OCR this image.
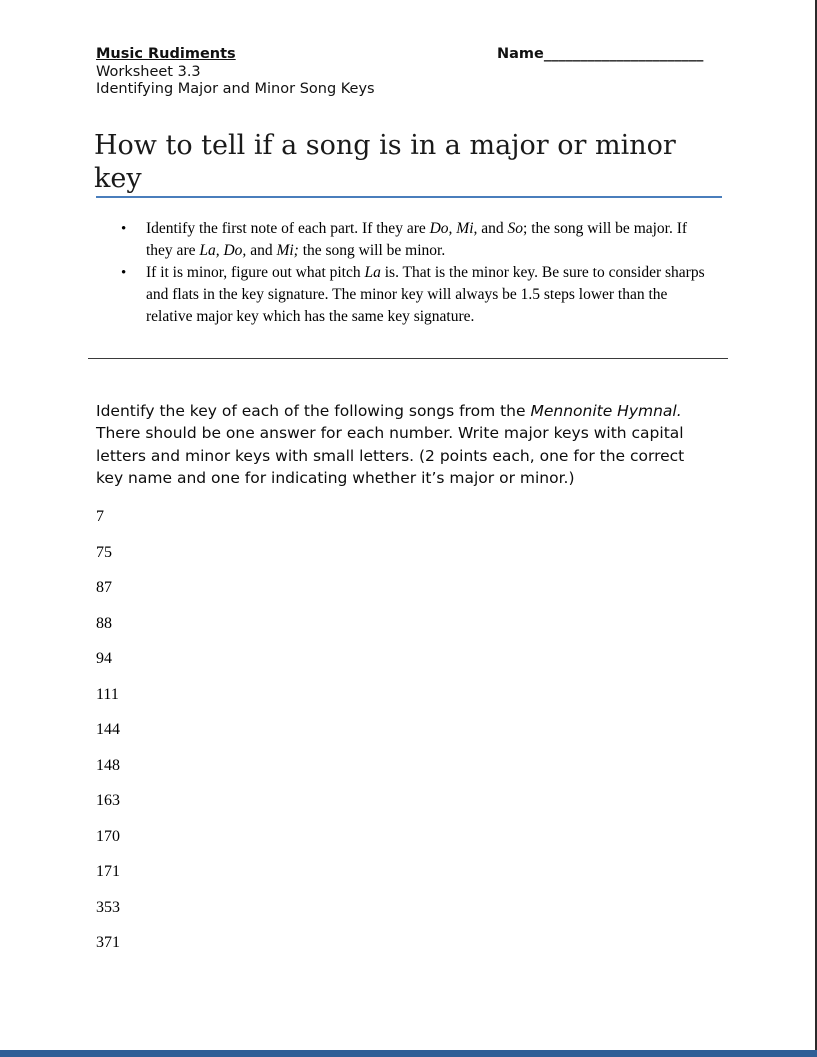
Music Rudiments
Worksheet 3.3
Identifying Major and Minor Song Keys
Name______________________
How to tell if a song is in a major or minor key
• Identify the first note of each part. If they are Do, Mi, and So; the song will be major. If they are La, Do, and Mi; the song will be minor.
• If it is minor, figure out what pitch La is. That is the minor key. Be sure to consider sharps and flats in the key signature. The minor key will always be 1.5 steps lower than the relative major key which has the same key signature.

Identify the key of each of the following songs from the Mennonite Hymnal. There should be one answer for each number. Write major keys with capital letters and minor keys with small letters. (2 points each, one for the correct key name and one for indicating whether it’s major or minor.)

7
75
87
88
94
111
144
148
163
170
171
353
371
